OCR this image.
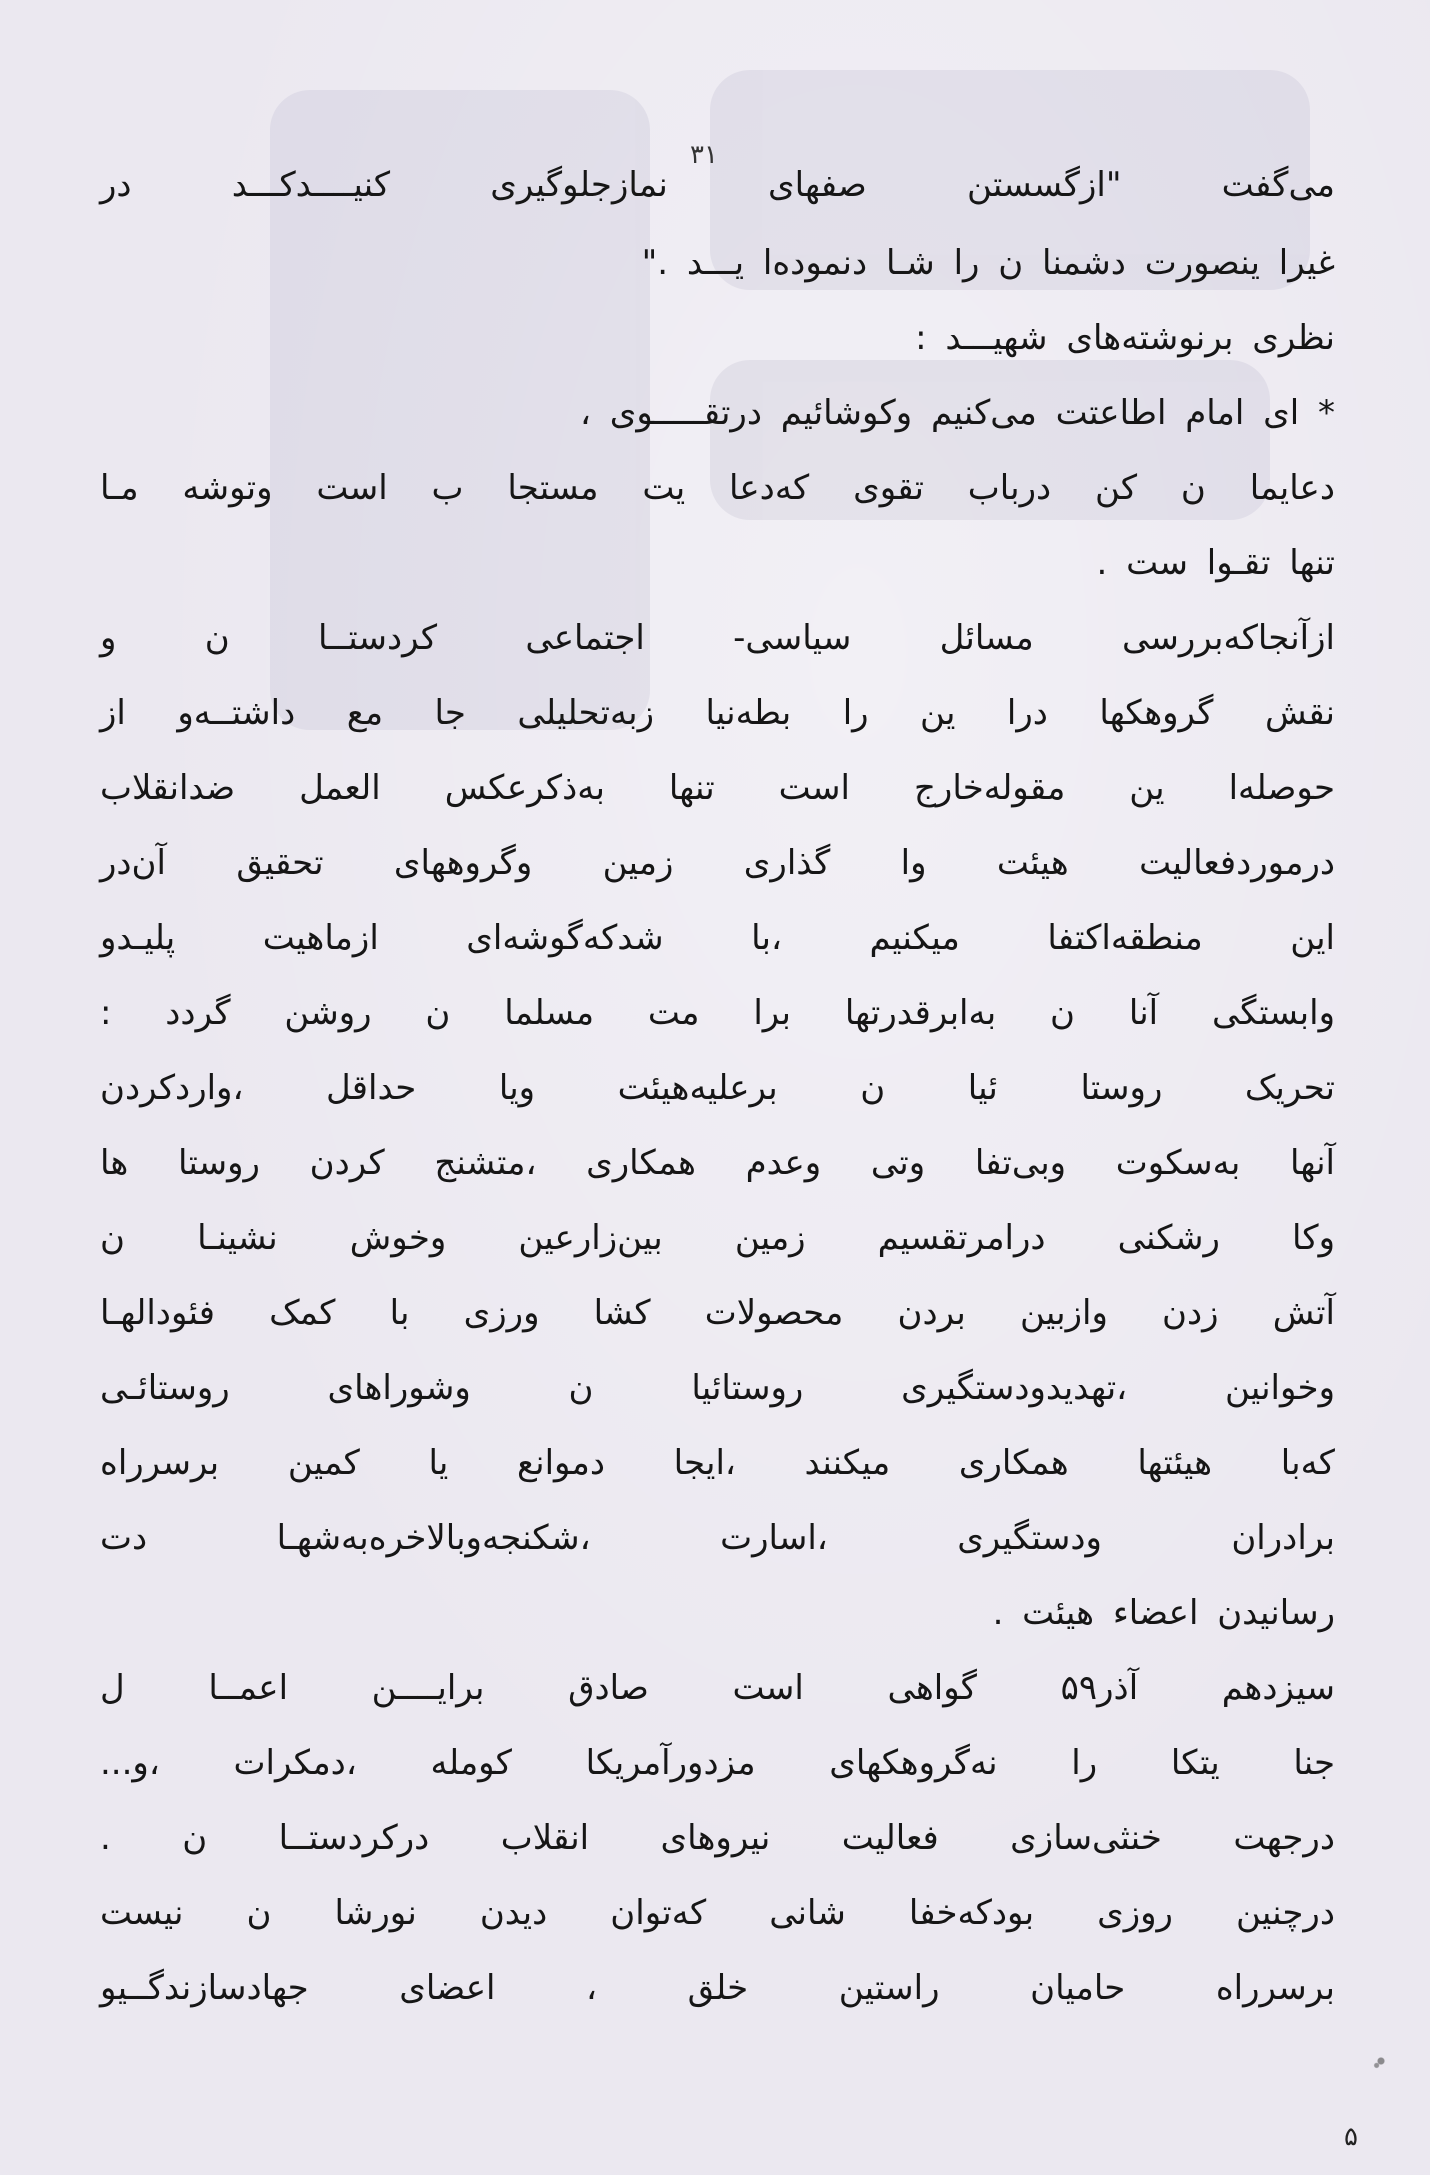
۳۱
می‌گفت "ازگسستن صفهای نمازجلوگیری کنیــــدکـــد در
غیرا ینصورت دشمنا ن را شـا دنموده‌ا یـــد ."
نظری برنوشته‌های شهیـــد :
* ای امام اطاعتت می‌کنیم وکوشائیم درتقـــــوی ،
دعایما ن کن درباب تقوی که‌دعا یت مستجا ب است وتوشه مـا
تنها تقـوا ست .
ازآنجاکه‌بررسی مسائل سیاسی- اجتماعی کردستــا ن و
نقش گروهکها درا ین را بطه‌نیا زبه‌تحلیلی جا مع داشتــه‌و از
حوصله‌ا ین مقوله‌خارج است تنها به‌ذکرعکس العمل ضدانقلاب
درموردفعالیت هیئت وا گذاری زمین وگروههای تحقیق آن‌در
این منطقه‌اکتفا میکنیم ،با شدکه‌گوشه‌ای ازماهیت پلیـدو
وابستگی آنا ن به‌ابرقدرتها برا مت مسلما ن روشن گردد :
تحریک روستا ئیا ن برعلیه‌هیئت ویا حداقل ،واردکردن
آنها به‌سکوت وبی‌تفا وتی وعدم همکاری ،متشنج کردن روستا ها
وکا رشکنی درامرتقسیم زمین بین‌زارعین وخوش نشینـا ن
آتش زدن وازبین بردن محصولات کشا ورزی با کمک فئودالهـا
وخوانین ،تهدیدودستگیری روستائیا ن وشوراهای روستائـی
که‌با هیئتها همکاری میکنند ،ایجا دموانع یا کمین برسرراه
برادران ودستگیری ،اسارت ،شکنجه‌وبالاخره‌به‌شهـا دت
رسانیدن اعضاء هیئت .
سیزدهم آذر۵۹ گواهی است صادق برایــــن اعمــا ل
جنا یتکا را نه‌گروهکهای مزدورآمریکا کومله ،دمکرات ،و...
درجهت خنثی‌سازی فعالیت نیروهای انقلاب درکردستــا ن .
درچنین روزی بودکه‌خفا شانی که‌توان دیدن نورشا ن نیست
برسرراه حامیان راستین خلق ، اعضای جهادسازندگــیو
۵
